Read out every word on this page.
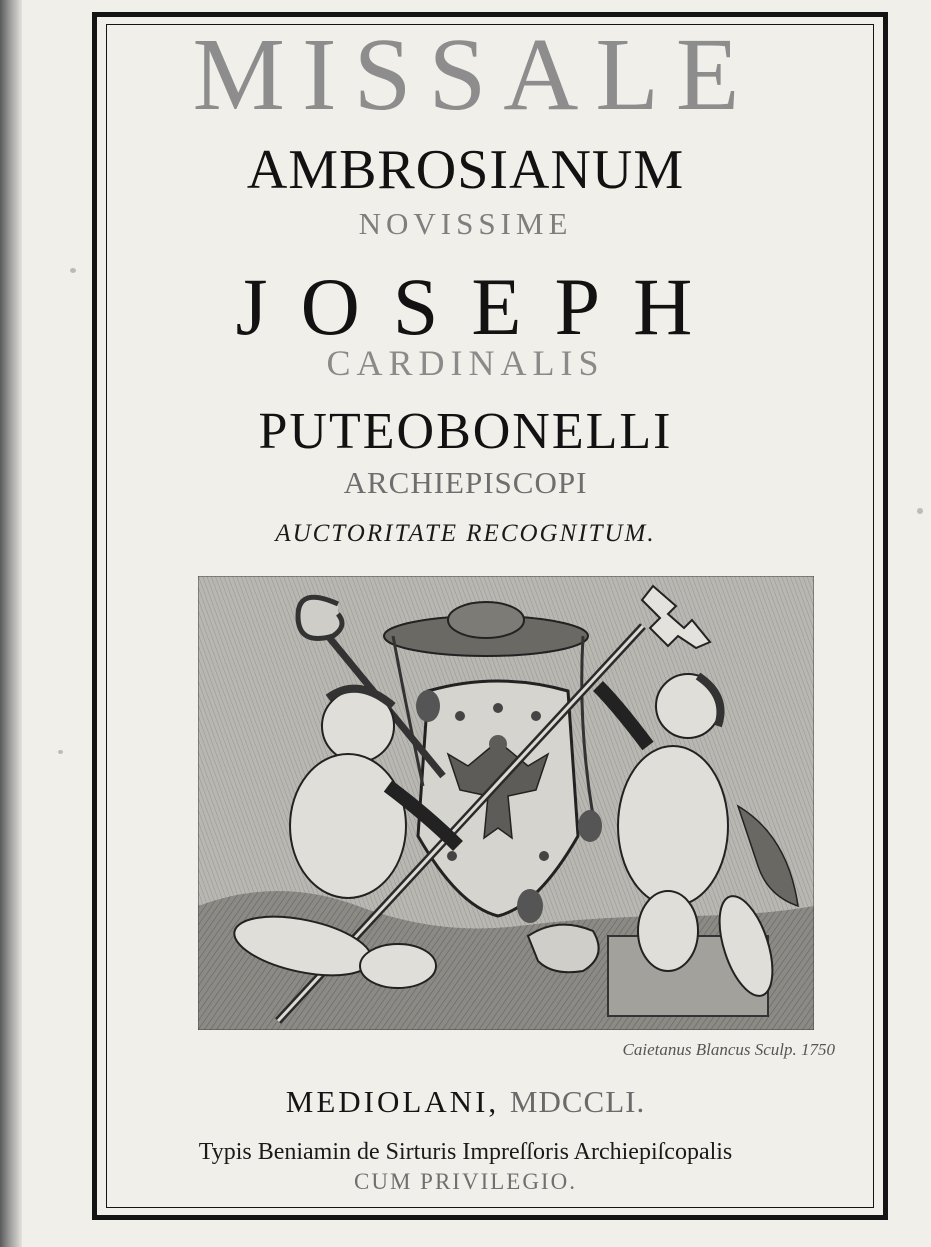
MISSALE
AMBROSIANUM
NOVISSIME
JOSEPH
CARDINALIS
PUTEOBONELLI
ARCHIEPISCOPI
AUCTORITATE RECOGNITUM.
Caietanus Blancus Sculp. 1750
MEDIOLANI, MDCCLI.
Typis Beniamin de Sirturis Impreſſoris Archiepiſcopalis
CUM PRIVILEGIO.
